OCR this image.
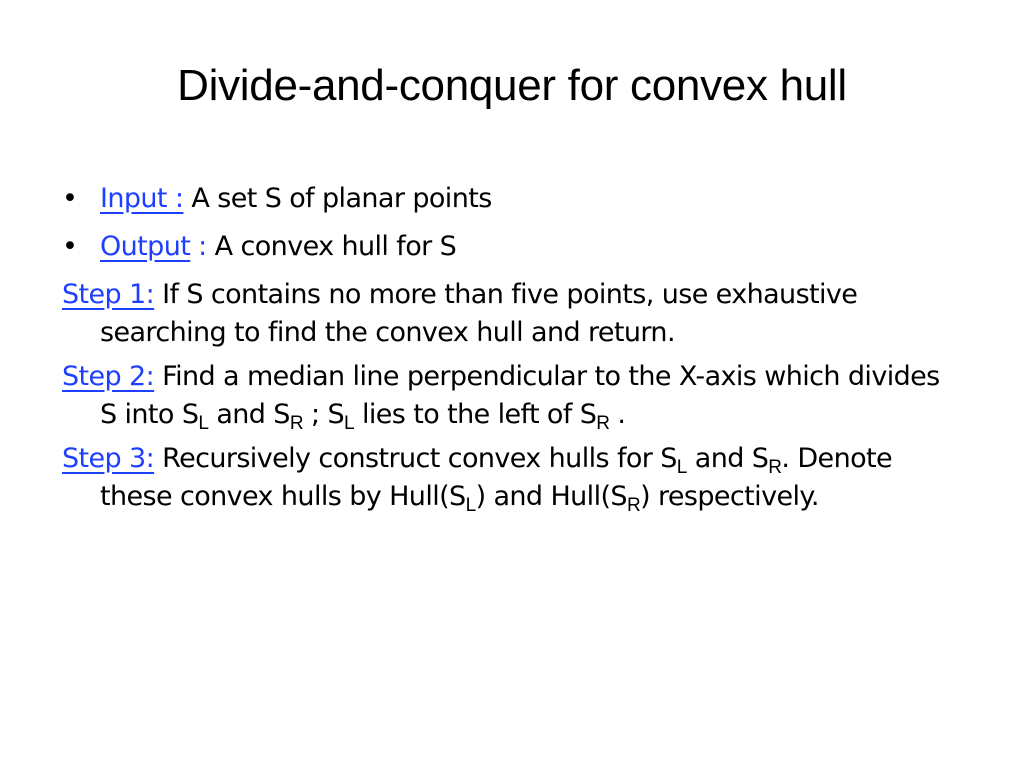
Divide-and-conquer for convex hull
• Input : A set S of planar points
• Output : A convex hull for S
Step 1: If S contains no more than five points, use exhaustive searching to find the convex hull and return.
Step 2: Find a median line perpendicular to the X-axis which divides S into $S_L$ and $S_R$ ; $S_L$ lies to the left of $S_R$ .
Step 3: Recursively construct convex hulls for $S_L$ and $S_R$. Denote these convex hulls by $Hull(S_L)$ and $Hull(S_R)$ respectively.
